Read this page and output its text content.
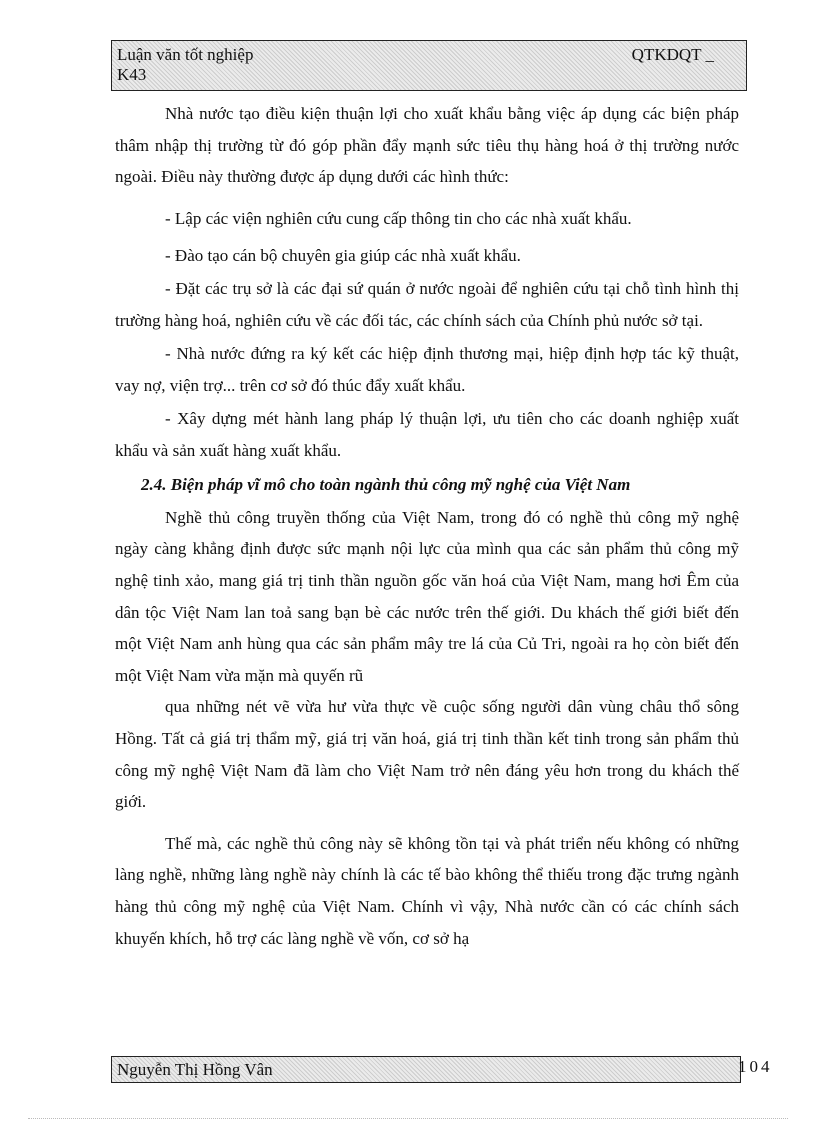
Luận văn tốt nghiệp	QTKDQT _
K43

Nhà nước tạo điều kiện thuận lợi cho xuất khẩu bằng việc áp dụng các biện pháp thâm nhập thị trường từ đó góp phần đẩy mạnh sức tiêu thụ hàng hoá ở thị trường nước ngoài. Điều này thường được áp dụng dưới các hình thức:

- Lập các viện nghiên cứu cung cấp thông tin cho các nhà xuất khẩu.

- Đào tạo cán bộ chuyên gia giúp các nhà xuất khẩu.

- Đặt các trụ sở là các đại sứ quán ở nước ngoài để nghiên cứu tại chỗ tình hình thị trường hàng hoá, nghiên cứu về các đối tác, các chính sách của Chính phủ nước sở tại.

- Nhà nước đứng ra ký kết các hiệp định thương mại, hiệp định hợp tác kỹ thuật, vay nợ, viện trợ... trên cơ sở đó thúc đẩy xuất khẩu.

- Xây dựng mét hành lang pháp lý thuận lợi, ưu tiên cho các doanh nghiệp xuất khẩu và sản xuất hàng xuất khẩu.

2.4. Biện pháp vĩ mô cho toàn ngành thủ công mỹ nghệ của Việt Nam

Nghề thủ công truyền thống của Việt Nam, trong đó có nghề thủ công mỹ nghệ ngày càng khẳng định được sức mạnh nội lực của mình qua các sản phẩm thủ công mỹ nghệ tinh xảo, mang giá trị tinh thần nguồn gốc văn hoá của Việt Nam, mang hơi Êm của dân tộc Việt Nam lan toả sang bạn bè các nước trên thế giới. Du khách thế giới biết đến một Việt Nam anh hùng qua các sản phẩm mây tre lá của Củ Tri, ngoài ra họ còn biết đến một Việt Nam vừa mặn mà quyến rũ

qua những nét vẽ vừa hư vừa thực về cuộc sống người dân vùng châu thổ sông Hồng. Tất cả giá trị thẩm mỹ, giá trị văn hoá, giá trị tinh thần kết tinh trong sản phẩm thủ công mỹ nghệ Việt Nam đã làm cho Việt Nam trở nên đáng yêu hơn trong du khách thế giới.

Thế mà, các nghề thủ công này sẽ không tồn tại và phát triển nếu không có những làng nghề, những làng nghề này chính là các tế bào không thể thiếu trong đặc trưng ngành hàng thủ công mỹ nghệ của Việt Nam. Chính vì vậy, Nhà nước cần có các chính sách khuyến khích, hỗ trợ các làng nghề về vốn, cơ sở hạ

Nguyễn Thị Hồng Vân	104
